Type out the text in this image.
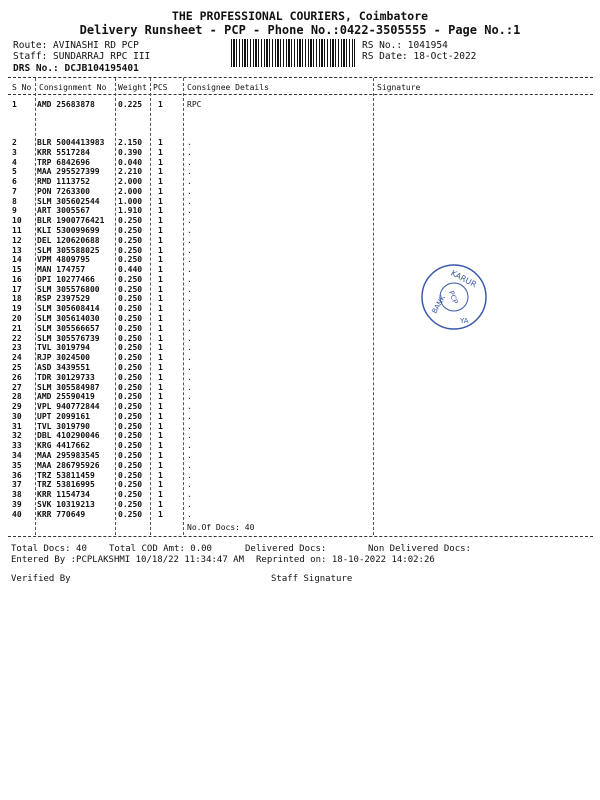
THE PROFESSIONAL COURIERS, Coimbatore
Delivery Runsheet - PCP - Phone No.:0422-3505555 - Page No.:1
Route: AVINASHI RD PCP
Staff: SUNDARRAJ RPC III
DRS No.: DCJB104195401
RS No.: 1041954
RS Date: 18-Oct-2022
S No Consignment No Weight PCS Consignee Details	Signature
1	AMD 25683878	0.225 1	RPC
2	BLR 5004413983 2.150 1	.
3	KRR 5517284	0.390 1	.
4	TRP 6842696	0.040 1	.
5	MAA 295527399 2.210 1	.
6	RMD 1113752	2.000 1	.
7	PON 7263300	2.000 1	.
8	SLM 305602544 1.000 1	.
9	ART 3005567	1.910 1	.
10 BLR 1900776421 0.250 1	.
11 KLI 530099699 0.250 1	.
12 DEL 120620688 0.250 1	.
13 SLM 305588025 0.250 1	.
14 VPM 4809795	0.250 1	.
15 MAN 174757	0.440 1	.
16 DPI 10277466	0.250 1	.
17 SLM 305576800 0.250 1	.
18 RSP 2397529	0.250 1	.
19 SLM 305608414 0.250 1	.
20 SLM 305614030 0.250 1	.
21 SLM 305566657 0.250 1	.
22 SLM 305576739 0.250 1	.
23 TVL 3019794	0.250 1	.
24 RJP 3024500	0.250 1	.
25 ASD 3439551	0.250 1	.
26 TDR 30129733	0.250 1	.
27 SLM 305584987 0.250 1	.
28 AMD 25590419	0.250 1	.
29 VPL 940772844 0.250 1	.
30 UPT 2099161	0.250 1	.
31 TVL 3019790	0.250 1	.
32 DBL 410290046 0.250 1	.
33 KRG 4417662	0.250 1	.
34 MAA 295983545 0.250 1	.
35 MAA 286795926 0.250 1	.
36 TRZ 53811459	0.250 1	.
37 TRZ 53816995	0.250 1	.
38 KRR 1154734	0.250 1	.
39 SVK 10319213	0.250 1	.
40 KRR 770649	0.250 1	.
No.Of Docs: 40
KARUR
BANK
YA
PCP
Total Docs: 40 Total COD Amt: 0.00	Delivered Docs:	Non Delivered Docs:
Entered By :PCPLAKSHMI 10/18/22 11:34:47 AM Reprinted on: 18-10-2022 14:02:26
Verified By	Staff Signature
